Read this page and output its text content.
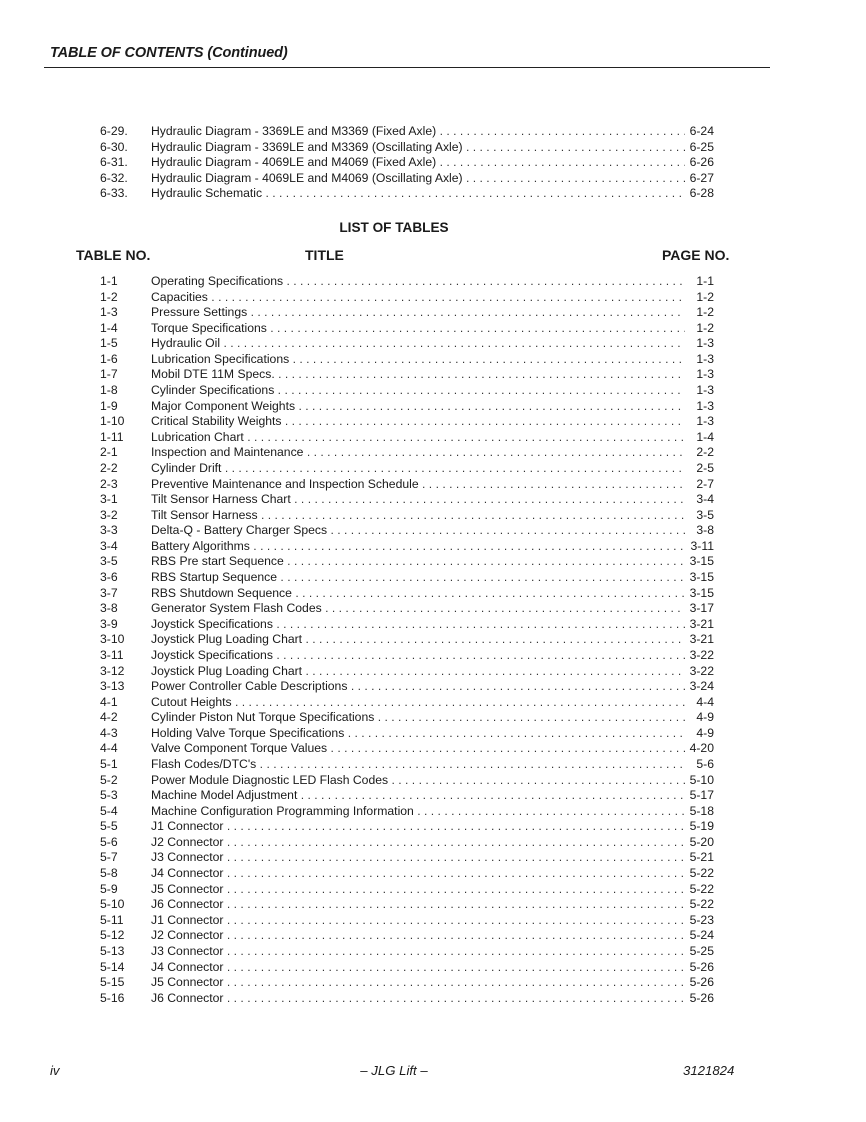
TABLE OF CONTENTS (Continued)
6-29. Hydraulic Diagram - 3369LE and M3369 (Fixed Axle) . . .	6-24
6-30. Hydraulic Diagram - 3369LE and M3369 (Oscillating Axle) . . .	6-25
6-31. Hydraulic Diagram - 4069LE and M4069 (Fixed Axle) . . .	6-26
6-32. Hydraulic Diagram - 4069LE and M4069 (Oscillating Axle) . . .	6-27
6-33. Hydraulic Schematic . . .	6-28
LIST OF TABLES
TABLE NO.	TITLE	PAGE NO.
1-1	Operating Specifications . . .	1-1
1-2	Capacities . . .	1-2
1-3	Pressure Settings . . .	1-2
1-4	Torque Specifications . . .	1-2
1-5	Hydraulic Oil . . .	1-3
1-6	Lubrication Specifications . . .	1-3
1-7	Mobil DTE 11M Specs. . . .	1-3
1-8	Cylinder Specifications . . .	1-3
1-9	Major Component Weights . . .	1-3
1-10 Critical Stability Weights . . .	1-3
1-11 Lubrication Chart . . .	1-4
2-1	Inspection and Maintenance . . .	2-2
2-2	Cylinder Drift . . .	2-5
2-3	Preventive Maintenance and Inspection Schedule . . .	2-7
3-1	Tilt Sensor Harness Chart . . .	3-4
3-2	Tilt Sensor Harness . . .	3-5
3-3	Delta-Q - Battery Charger Specs . . .	3-8
3-4	Battery Algorithms . . .	3-11
3-5	RBS Pre start Sequence . . .	3-15
3-6	RBS Startup Sequence . . .	3-15
3-7	RBS Shutdown Sequence . . .	3-15
3-8	Generator System Flash Codes . . .	3-17
3-9	Joystick Specifications . . .	3-21
3-10 Joystick Plug Loading Chart . . .	3-21
3-11 Joystick Specifications . . .	3-22
3-12 Joystick Plug Loading Chart . . .	3-22
3-13 Power Controller Cable Descriptions . . .	3-24
4-1	Cutout Heights . . .	4-4
4-2	Cylinder Piston Nut Torque Specifications . . .	4-9
4-3	Holding Valve Torque Specifications . . .	4-9
4-4	Valve Component Torque Values . . .	4-20
5-1	Flash Codes/DTC's . . .	5-6
5-2	Power Module Diagnostic LED Flash Codes . . .	5-10
5-3	Machine Model Adjustment . . .	5-17
5-4	Machine Configuration Programming Information . . .	5-18
5-5	J1 Connector . . .	5-19
5-6	J2 Connector . . .	5-20
5-7	J3 Connector . . .	5-21
5-8	J4 Connector . . .	5-22
5-9	J5 Connector . . .	5-22
5-10 J6 Connector . . .	5-22
5-11 J1 Connector . . .	5-23
5-12 J2 Connector . . .	5-24
5-13 J3 Connector . . .	5-25
5-14 J4 Connector . . .	5-26
5-15 J5 Connector . . .	5-26
5-16 J6 Connector . . .	5-26
iv	– JLG Lift –	3121824
